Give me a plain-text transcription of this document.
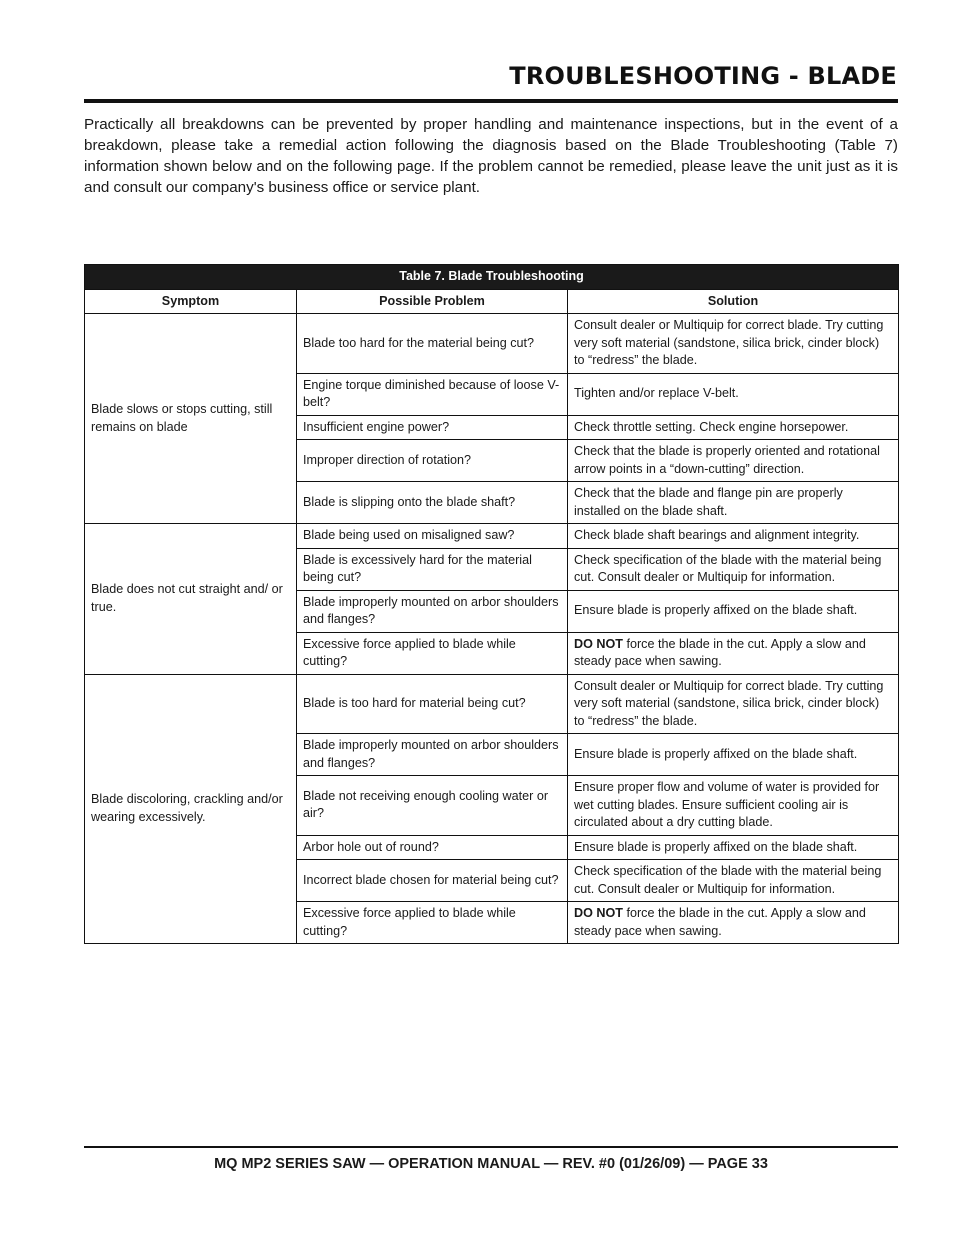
TROUBLESHOOTING - BLADE

Practically all breakdowns can be prevented by proper handling and maintenance inspections, but in the event of a breakdown, please take a remedial action following the diagnosis based on the Blade Troubleshooting (Table 7) information shown below and on the following page. If the problem cannot be remedied, please leave the unit just as it is and consult our company's business office or service plant.

Table 7. Blade Troubleshooting		
Symptom	Possible Problem	Solution
Blade slows or stops cutting, still remains on blade	Blade too hard for the material being cut?	Consult dealer or Multiquip for correct blade. Try cutting very soft material (sandstone, silica brick, cinder block) to “redress” the blade.
	Engine torque diminished because of loose V-belt?	Tighten and/or replace V-belt.
	Insufficient engine power?	Check throttle setting. Check engine horsepower.
	Improper direction of rotation?	Check that the blade is properly oriented and rotational arrow points in a “down-cutting” direction.
	Blade is slipping onto the blade shaft?	Check that the blade and flange pin are properly installed on the blade shaft.
Blade does not cut straight and/ or true.	Blade being used on misaligned saw?	Check blade shaft bearings and alignment integrity.
	Blade is excessively hard for the material being cut?	Check specification of the blade with the material being cut. Consult dealer or Multiquip for information.
	Blade improperly mounted on arbor shoulders and flanges?	Ensure blade is properly affixed on the blade shaft.
	Excessive force applied to blade while cutting?	DO NOT force the blade in the cut. Apply a slow and steady pace when sawing.
Blade discoloring, crackling and/or wearing excessively.	Blade is too hard for material being cut?	Consult dealer or Multiquip for correct blade. Try cutting very soft material (sandstone, silica brick, cinder block) to “redress” the blade.
	Blade improperly mounted on arbor shoulders and flanges?	Ensure blade is properly affixed on the blade shaft.
	Blade not receiving enough cooling water or air?	Ensure proper flow and volume of water is provided for wet cutting blades. Ensure sufficient cooling air is circulated about a dry cutting blade.
	Arbor hole out of round?	Ensure blade is properly affixed on the blade shaft.
	Incorrect blade chosen for material being cut?	Check specification of the blade with the material being cut. Consult dealer or Multiquip for information.
	Excessive force applied to blade while cutting?	DO NOT force the blade in the cut. Apply a slow and steady pace when sawing.
MQ MP2 SERIES SAW — OPERATION MANUAL — REV. #0 (01/26/09) — PAGE 33
